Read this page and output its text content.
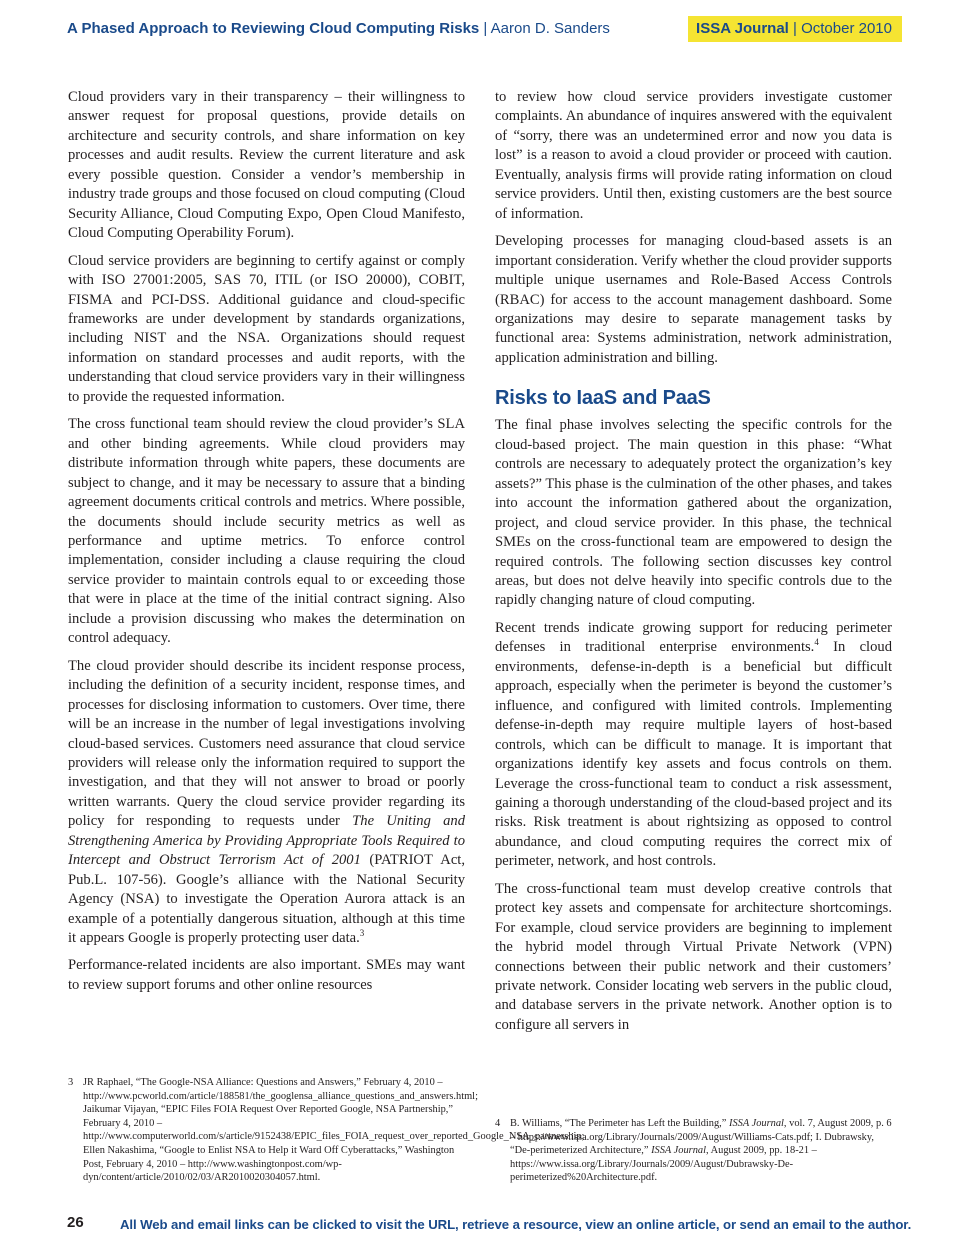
A Phased Approach to Reviewing Cloud Computing Risks | Aaron D. Sanders	ISSA Journal | October 2010

Cloud providers vary in their transparency – their willingness to answer request for proposal questions, provide details on architecture and security controls, and share information on key processes and audit results. Review the current literature and ask every possible question. Consider a vendor’s membership in industry trade groups and those focused on cloud computing (Cloud Security Alliance, Cloud Computing Expo, Open Cloud Manifesto, Cloud Computing Operability Forum).

Cloud service providers are beginning to certify against or comply with ISO 27001:2005, SAS 70, ITIL (or ISO 20000), COBIT, FISMA and PCI-DSS. Additional guidance and cloud-specific frameworks are under development by standards organizations, including NIST and the NSA. Organizations should request information on standard processes and audit reports, with the understanding that cloud service providers vary in their willingness to provide the requested information.

The cross functional team should review the cloud provider’s SLA and other binding agreements. While cloud providers may distribute information through white papers, these documents are subject to change, and it may be necessary to assure that a binding agreement documents critical controls and metrics. Where possible, the documents should include security metrics as well as performance and uptime metrics. To enforce control implementation, consider including a clause requiring the cloud service provider to maintain controls equal to or exceeding those that were in place at the time of the initial contract signing. Also include a provision discussing who makes the determination on control adequacy.

The cloud provider should describe its incident response process, including the definition of a security incident, response times, and processes for disclosing information to customers. Over time, there will be an increase in the number of legal investigations involving cloud-based services. Customers need assurance that cloud service providers will release only the information required to support the investigation, and that they will not answer to broad or poorly written warrants. Query the cloud service provider regarding its policy for responding to requests under The Uniting and Strengthening America by Providing Appropriate Tools Required to Intercept and Obstruct Terrorism Act of 2001 (PATRIOT Act, Pub.L. 107-56). Google’s alliance with the National Security Agency (NSA) to investigate the Operation Aurora attack is an example of a potentially dangerous situation, although at this time it appears Google is properly protecting user data.$^3$

Performance-related incidents are also important. SMEs may want to review support forums and other online resources

to review how cloud service providers investigate customer complaints. An abundance of inquires answered with the equivalent of “sorry, there was an undetermined error and now you data is lost” is a reason to avoid a cloud provider or proceed with caution. Eventually, analysis firms will provide rating information on cloud service providers. Until then, existing customers are the best source of information.

Developing processes for managing cloud-based assets is an important consideration. Verify whether the cloud provider supports multiple unique usernames and Role-Based Access Controls (RBAC) for access to the account management dashboard. Some organizations may desire to separate management tasks by functional area: Systems administration, network administration, application administration and billing.

Risks to IaaS and PaaS

The final phase involves selecting the specific controls for the cloud-based project. The main question in this phase: “What controls are necessary to adequately protect the organization’s key assets?” This phase is the culmination of the other phases, and takes into account the information gathered about the organization, project, and cloud service provider. In this phase, the technical SMEs on the cross-functional team are empowered to design the required controls. The following section discusses key control areas, but does not delve heavily into specific controls due to the rapidly changing nature of cloud computing.

Recent trends indicate growing support for reducing perimeter defenses in traditional enterprise environments.$^4$ In cloud environments, defense-in-depth is a beneficial but difficult approach, especially when the perimeter is beyond the customer’s influence, and configured with limited controls. Implementing defense-in-depth may require multiple layers of host-based controls, which can be difficult to manage. It is important that organizations identify key assets and focus controls on them. Leverage the cross-functional team to conduct a risk assessment, gaining a thorough understanding of the cloud-based project and its risks. Risk treatment is about rightsizing as opposed to control abundance, and cloud computing requires the correct mix of perimeter, network, and host controls.

The cross-functional team must develop creative controls that protect key assets and compensate for architecture shortcomings. For example, cloud service providers are beginning to implement the hybrid model through Virtual Private Network (VPN) connections between their public network and their customers’ private network. Consider locating web servers in the public cloud, and database servers in the private network. Another option is to configure all servers in

3 JR Raphael, “The Google-NSA Alliance: Questions and Answers,” February 4, 2010 – http://www.pcworld.com/article/188581/the_googlensa_alliance_questions_and_answers.html; Jaikumar Vijayan, “EPIC Files FOIA Request Over Reported Google, NSA Partnership,” February 4, 2010 – http://www.computerworld.com/s/article/9152438/EPIC_files_FOIA_request_over_reported_Google_NSA_partnership; Ellen Nakashima, “Google to Enlist NSA to Help it Ward Off Cyberattacks,” Washington Post, February 4, 2010 – http://www.washingtonpost.com/wp-dyn/content/article/2010/02/03/AR2010020304057.html.
4 B. Williams, “The Perimeter has Left the Building,” ISSA Journal, vol. 7, August 2009, p. 6 – https://www.issa.org/Library/Journals/2009/August/Williams-Cats.pdf; I. Dubrawsky, “De-perimeterized Architecture,” ISSA Journal, August 2009, pp. 18-21 – https://www.issa.org/Library/Journals/2009/August/Dubrawsky-De-perimeterized%20Architecture.pdf.
26	All Web and email links can be clicked to visit the URL, retrieve a resource, view an online article, or send an email to the author.
